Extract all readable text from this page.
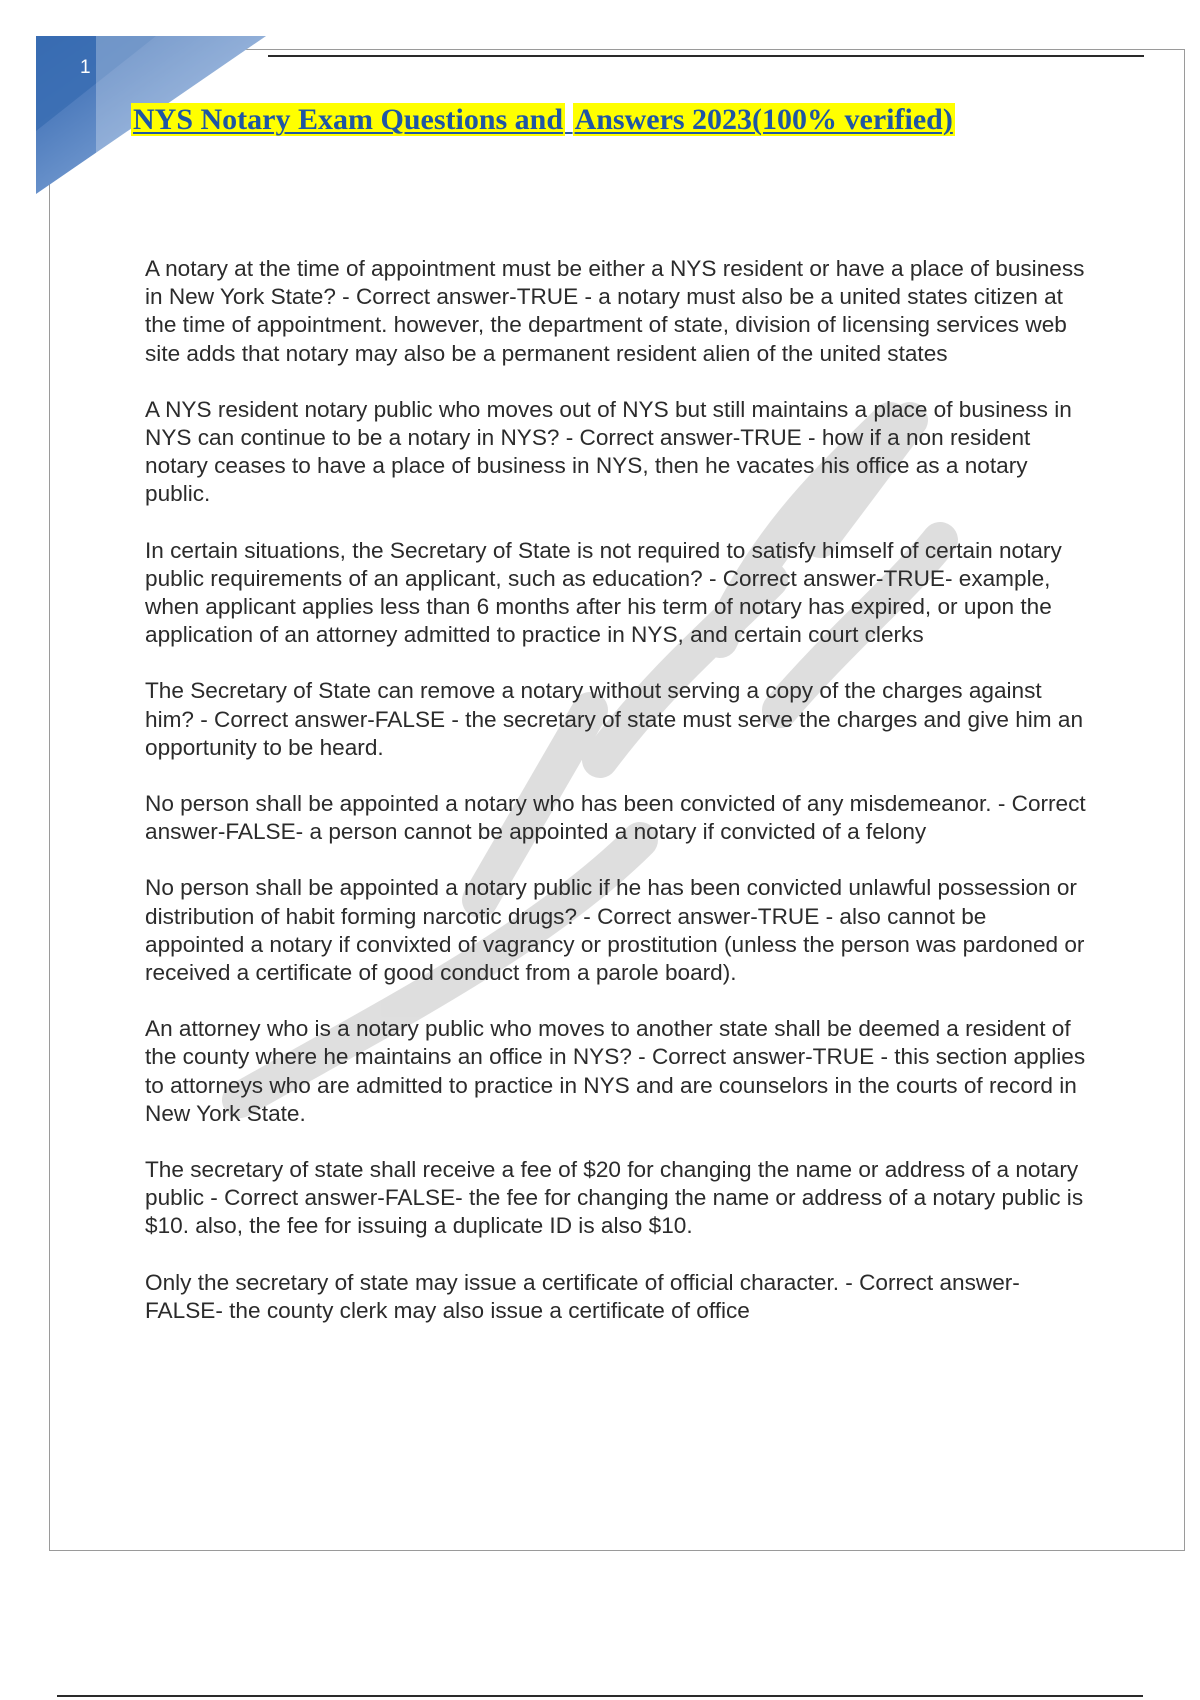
1
NYS Notary Exam Questions and Answers 2023(100% verified)

A notary at the time of appointment must be either a NYS resident or have a place of business in New York State? - Correct answer-TRUE - a notary must also be a united states citizen at the time of appointment. however, the department of state, division of licensing services web site adds that notary may also be a permanent resident alien of the united states

A NYS resident notary public who moves out of NYS but still maintains a place of business in NYS can continue to be a notary in NYS? - Correct answer-TRUE - how if a non resident notary ceases to have a place of business in NYS, then he vacates his office as a notary public.

In certain situations, the Secretary of State is not required to satisfy himself of certain notary public requirements of an applicant, such as education? - Correct answer-TRUE- example, when applicant applies less than 6 months after his term of notary has expired, or upon the application of an attorney admitted to practice in NYS, and certain court clerks

The Secretary of State can remove a notary without serving a copy of the charges against him? - Correct answer-FALSE - the secretary of state must serve the charges and give him an opportunity to be heard.

No person shall be appointed a notary who has been convicted of any misdemeanor. - Correct answer-FALSE- a person cannot be appointed a notary if convicted of a felony

No person shall be appointed a notary public if he has been convicted unlawful possession or distribution of habit forming narcotic drugs? - Correct answer-TRUE - also cannot be appointed a notary if convixted of vagrancy or prostitution (unless the person was pardoned or received a certificate of good conduct from a parole board).

An attorney who is a notary public who moves to another state shall be deemed a resident of the county where he maintains an office in NYS? - Correct answer-TRUE - this section applies to attorneys who are admitted to practice in NYS and are counselors in the courts of record in New York State.

The secretary of state shall receive a fee of $20 for changing the name or address of a notary public - Correct answer-FALSE- the fee for changing the name or address of a notary public is $10. also, the fee for issuing a duplicate ID is also $10.

Only the secretary of state may issue a certificate of official character. - Correct answer-FALSE- the county clerk may also issue a certificate of office
